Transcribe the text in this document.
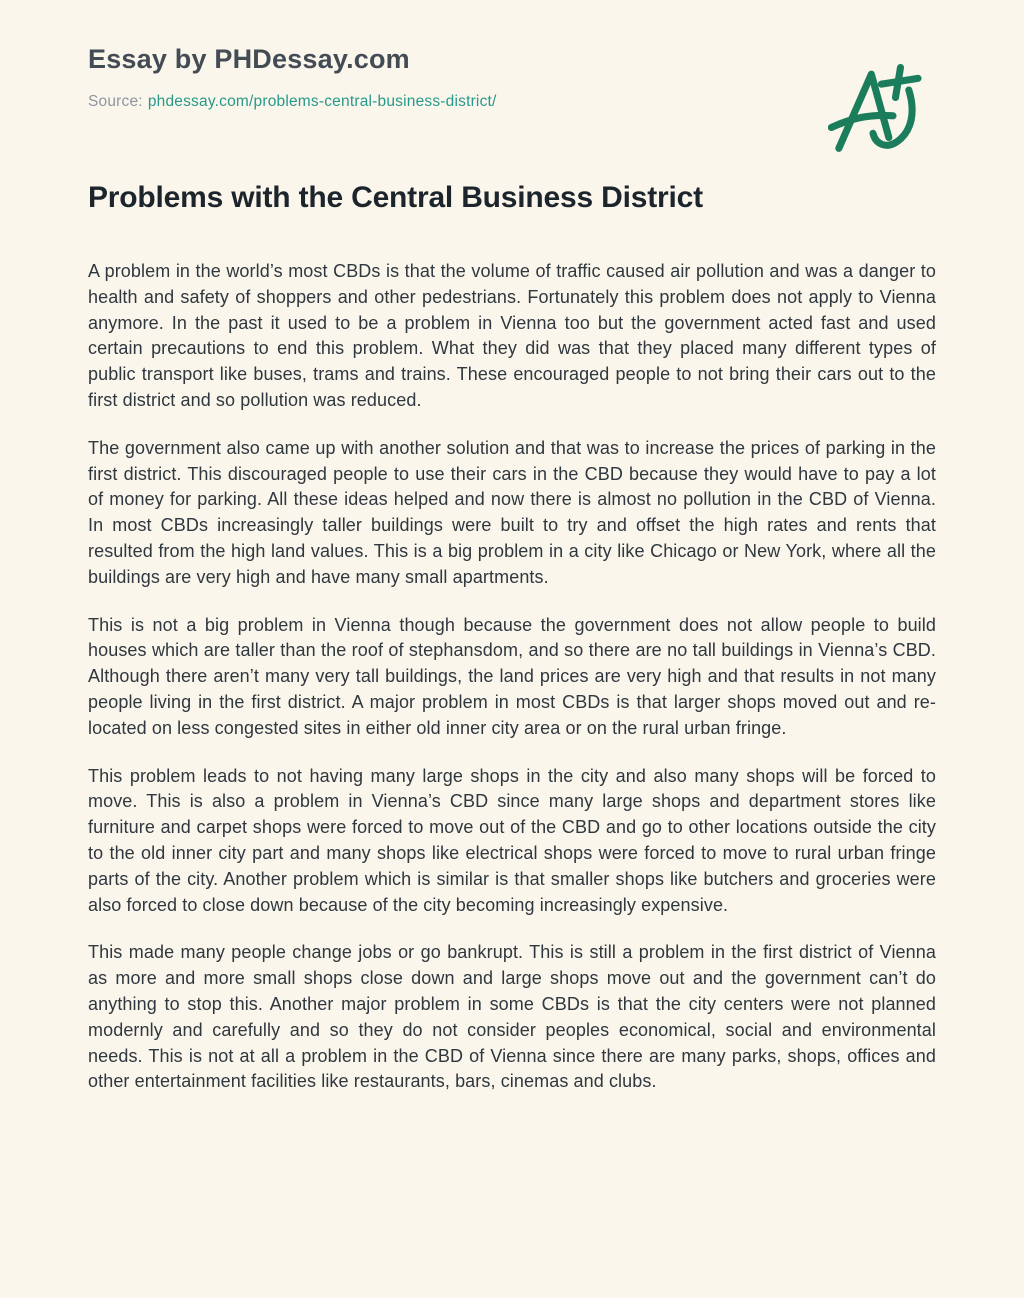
Essay by PHDessay.com
Source: phdessay.com/problems-central-business-district/
Problems with the Central Business District

A problem in the world’s most CBDs is that the volume of traffic caused air pollution and was a danger to health and safety of shoppers and other pedestrians. Fortunately this problem does not apply to Vienna anymore. In the past it used to be a problem in Vienna too but the government acted fast and used certain precautions to end this problem. What they did was that they placed many different types of public transport like buses, trams and trains. These encouraged people to not bring their cars out to the first district and so pollution was reduced.

The government also came up with another solution and that was to increase the prices of parking in the first district. This discouraged people to use their cars in the CBD because they would have to pay a lot of money for parking. All these ideas helped and now there is almost no pollution in the CBD of Vienna. In most CBDs increasingly taller buildings were built to try and offset the high rates and rents that resulted from the high land values. This is a big problem in a city like Chicago or New York, where all the buildings are very high and have many small apartments.

This is not a big problem in Vienna though because the government does not allow people to build houses which are taller than the roof of stephansdom, and so there are no tall buildings in Vienna’s CBD. Although there aren’t many very tall buildings, the land prices are very high and that results in not many people living in the first district. A major problem in most CBDs is that larger shops moved out and re-located on less congested sites in either old inner city area or on the rural urban fringe.

This problem leads to not having many large shops in the city and also many shops will be forced to move. This is also a problem in Vienna’s CBD since many large shops and department stores like furniture and carpet shops were forced to move out of the CBD and go to other locations outside the city to the old inner city part and many shops like electrical shops were forced to move to rural urban fringe parts of the city. Another problem which is similar is that smaller shops like butchers and groceries were also forced to close down because of the city becoming increasingly expensive.

This made many people change jobs or go bankrupt. This is still a problem in the first district of Vienna as more and more small shops close down and large shops move out and the government can’t do anything to stop this. Another major problem in some CBDs is that the city centers were not planned modernly and carefully and so they do not consider peoples economical, social and environmental needs. This is not at all a problem in the CBD of Vienna since there are many parks, shops, offices and other entertainment facilities like restaurants, bars, cinemas and clubs.
